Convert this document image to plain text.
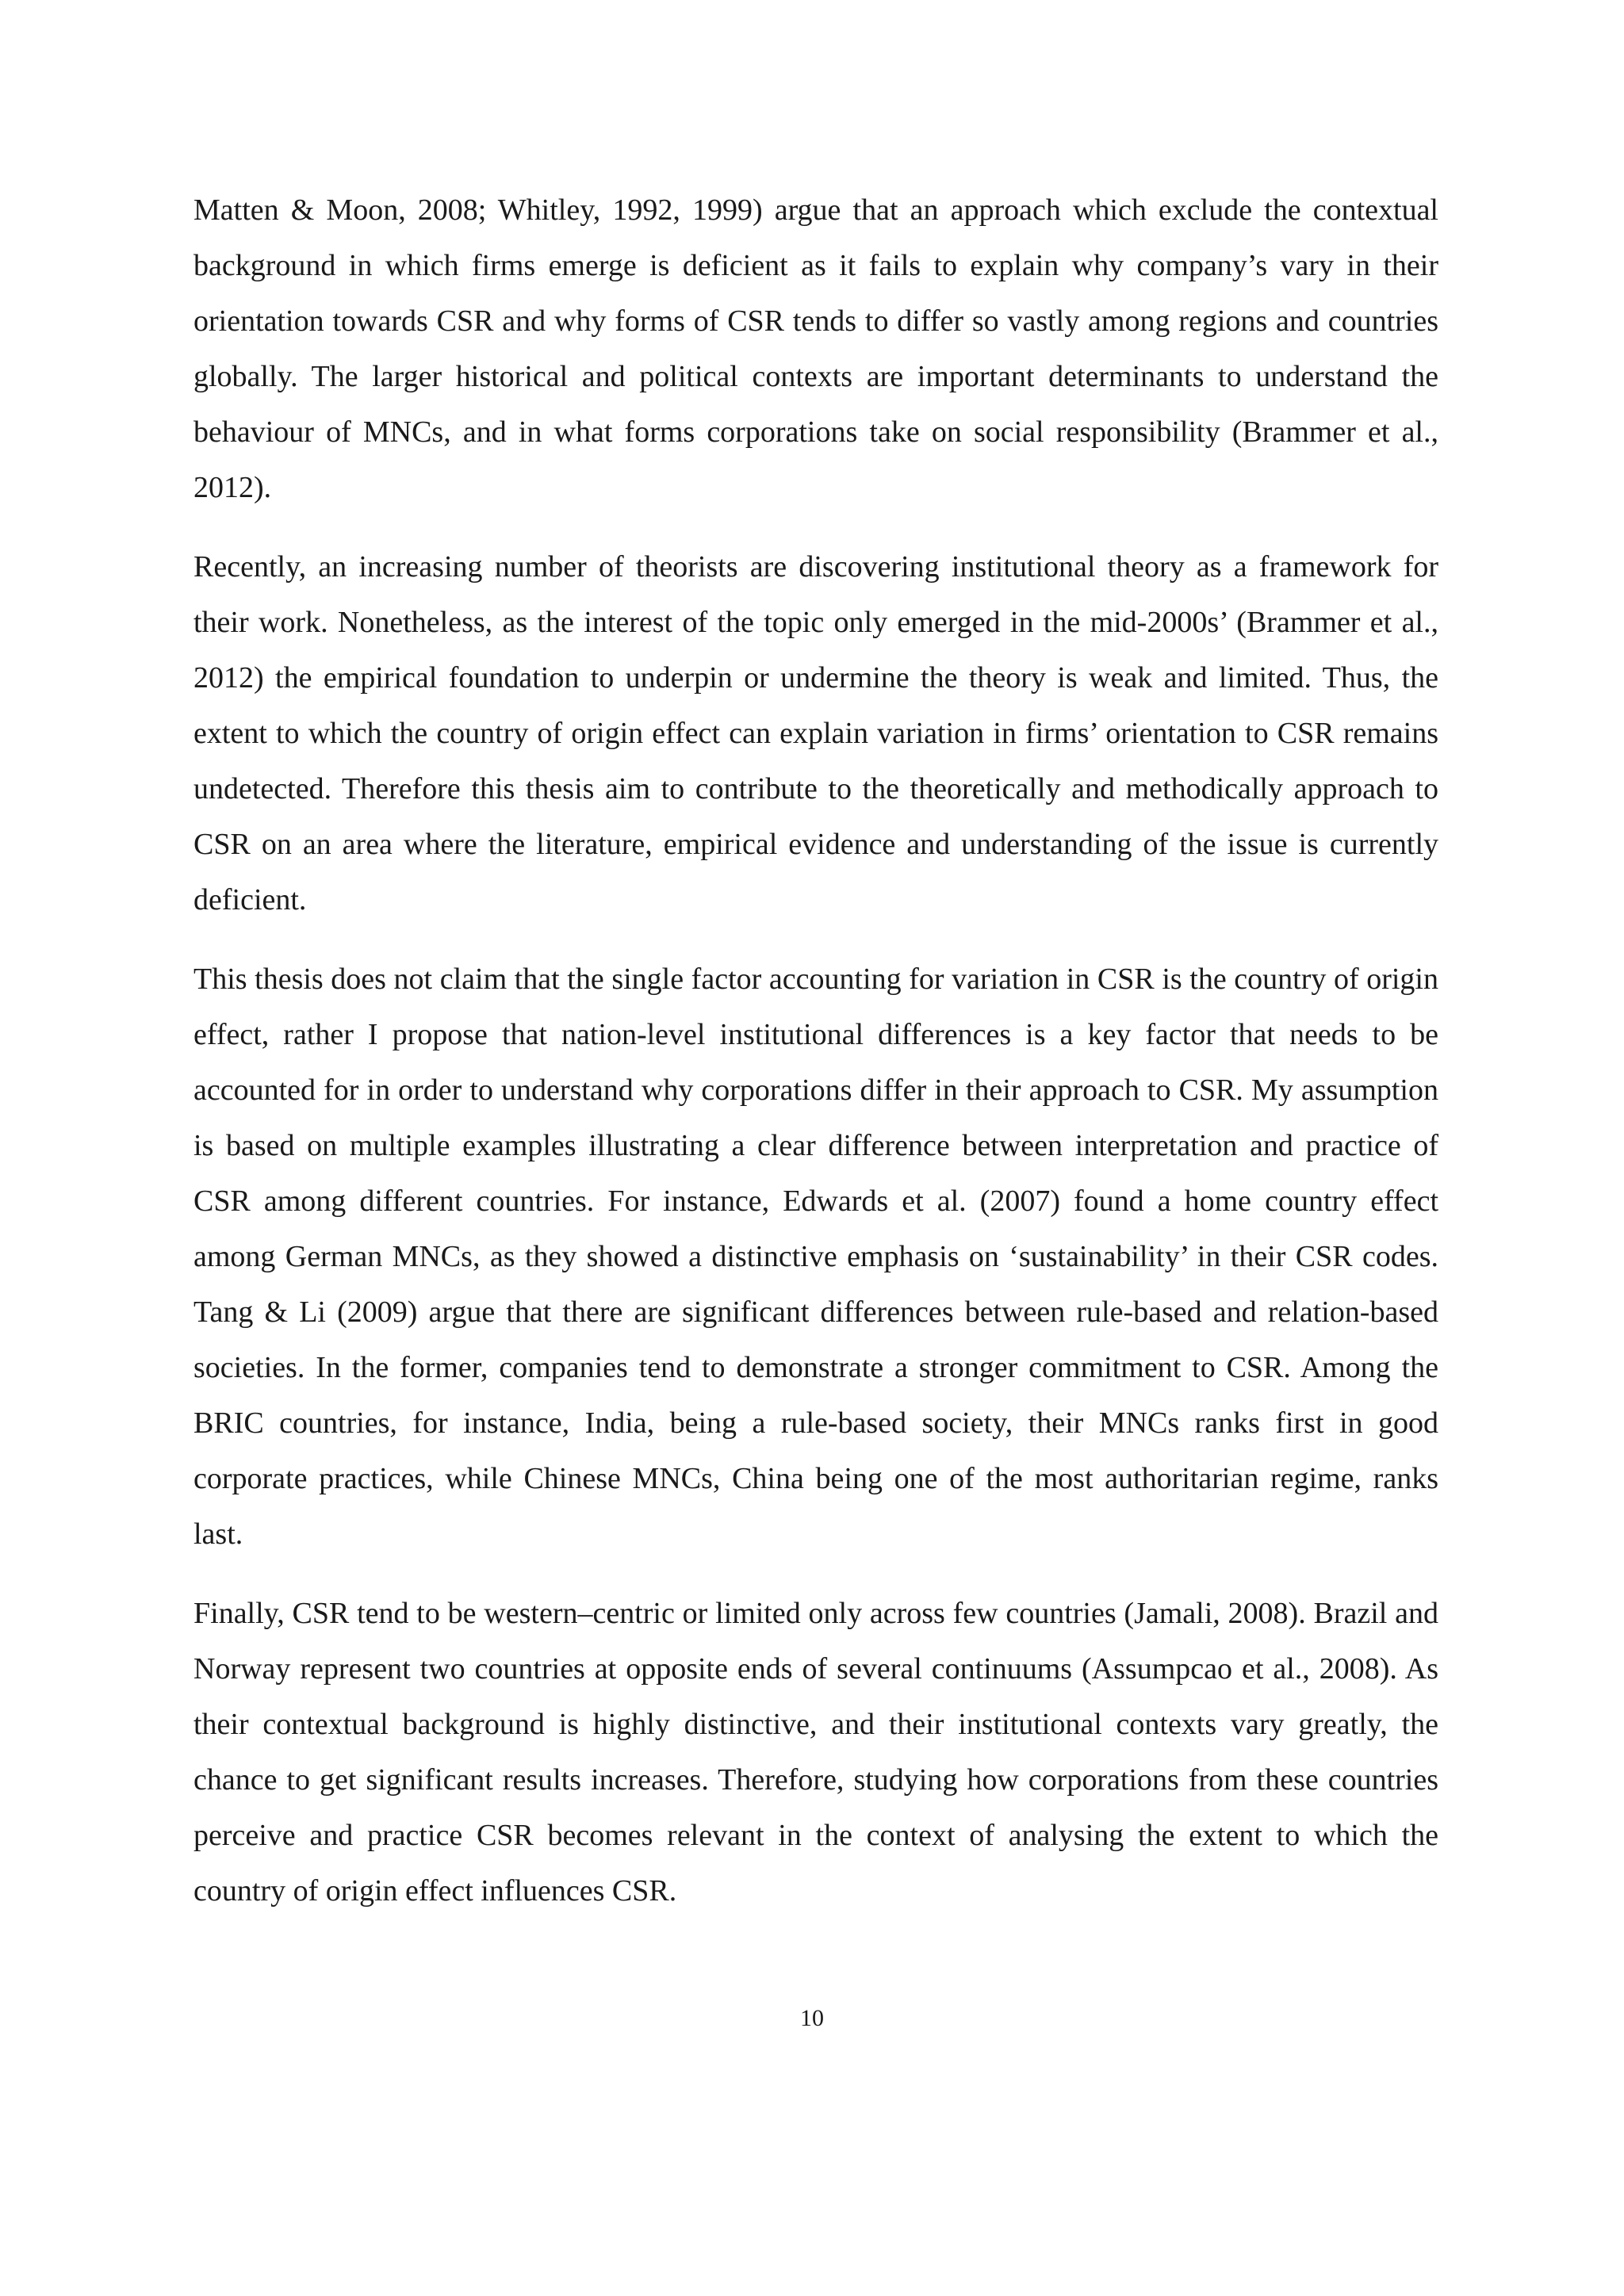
Matten & Moon, 2008; Whitley, 1992, 1999) argue that an approach which exclude the contextual background in which firms emerge is deficient as it fails to explain why company’s vary in their orientation towards CSR and why forms of CSR tends to differ so vastly among regions and countries globally. The larger historical and political contexts are important determinants to understand the behaviour of MNCs, and in what forms corporations take on social responsibility (Brammer et al., 2012).

Recently, an increasing number of theorists are discovering institutional theory as a framework for their work. Nonetheless, as the interest of the topic only emerged in the mid-2000s’ (Brammer et al., 2012) the empirical foundation to underpin or undermine the theory is weak and limited. Thus, the extent to which the country of origin effect can explain variation in firms’ orientation to CSR remains undetected. Therefore this thesis aim to contribute to the theoretically and methodically approach to CSR on an area where the literature, empirical evidence and understanding of the issue is currently deficient.

This thesis does not claim that the single factor accounting for variation in CSR is the country of origin effect, rather I propose that nation-level institutional differences is a key factor that needs to be accounted for in order to understand why corporations differ in their approach to CSR. My assumption is based on multiple examples illustrating a clear difference between interpretation and practice of CSR among different countries. For instance, Edwards et al. (2007) found a home country effect among German MNCs, as they showed a distinctive emphasis on ‘sustainability’ in their CSR codes. Tang & Li (2009) argue that there are significant differences between rule-based and relation-based societies. In the former, companies tend to demonstrate a stronger commitment to CSR. Among the BRIC countries, for instance, India, being a rule-based society, their MNCs ranks first in good corporate practices, while Chinese MNCs, China being one of the most authoritarian regime, ranks last.

Finally, CSR tend to be western–centric or limited only across few countries (Jamali, 2008). Brazil and Norway represent two countries at opposite ends of several continuums (Assumpcao et al., 2008). As their contextual background is highly distinctive, and their institutional contexts vary greatly, the chance to get significant results increases. Therefore, studying how corporations from these countries perceive and practice CSR becomes relevant in the context of analysing the extent to which the country of origin effect influences CSR.

10
